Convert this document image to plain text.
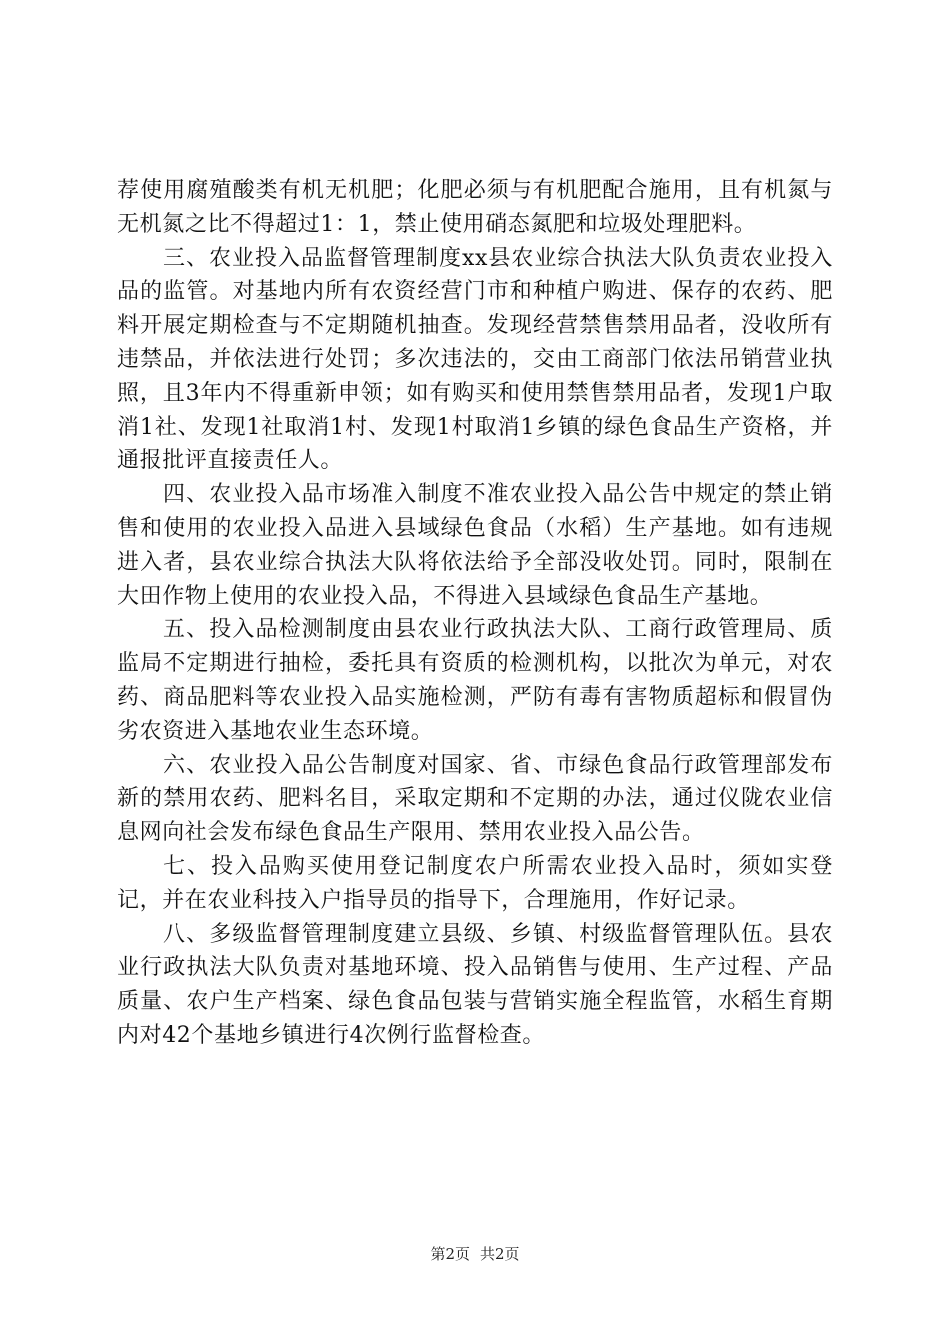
荐使用腐殖酸类有机无机肥；化肥必须与有机肥配合施用，且有机氮与无机氮之比不得超过1：1，禁止使用硝态氮肥和垃圾处理肥料。

三、农业投入品监督管理制度xx县农业综合执法大队负责农业投入品的监管。对基地内所有农资经营门市和种植户购进、保存的农药、肥料开展定期检查与不定期随机抽查。发现经营禁售禁用品者，没收所有违禁品，并依法进行处罚；多次违法的，交由工商部门依法吊销营业执照，且3年内不得重新申领；如有购买和使用禁售禁用品者，发现1户取消1社、发现1社取消1村、发现1村取消1乡镇的绿色食品生产资格，并通报批评直接责任人。

四、农业投入品市场准入制度不准农业投入品公告中规定的禁止销售和使用的农业投入品进入县域绿色食品（水稻）生产基地。如有违规进入者，县农业综合执法大队将依法给予全部没收处罚。同时，限制在大田作物上使用的农业投入品，不得进入县域绿色食品生产基地。

五、投入品检测制度由县农业行政执法大队、工商行政管理局、质监局不定期进行抽检，委托具有资质的检测机构，以批次为单元，对农药、商品肥料等农业投入品实施检测，严防有毒有害物质超标和假冒伪劣农资进入基地农业生态环境。

六、农业投入品公告制度对国家、省、市绿色食品行政管理部发布新的禁用农药、肥料名目，采取定期和不定期的办法，通过仪陇农业信息网向社会发布绿色食品生产限用、禁用农业投入品公告。

七、投入品购买使用登记制度农户所需农业投入品时，须如实登记，并在农业科技入户指导员的指导下，合理施用，作好记录。

八、多级监督管理制度建立县级、乡镇、村级监督管理队伍。县农业行政执法大队负责对基地环境、投入品销售与使用、生产过程、产品质量、农户生产档案、绿色食品包装与营销实施全程监管，水稻生育期内对42个基地乡镇进行4次例行监督检查。

第2页 共2页
